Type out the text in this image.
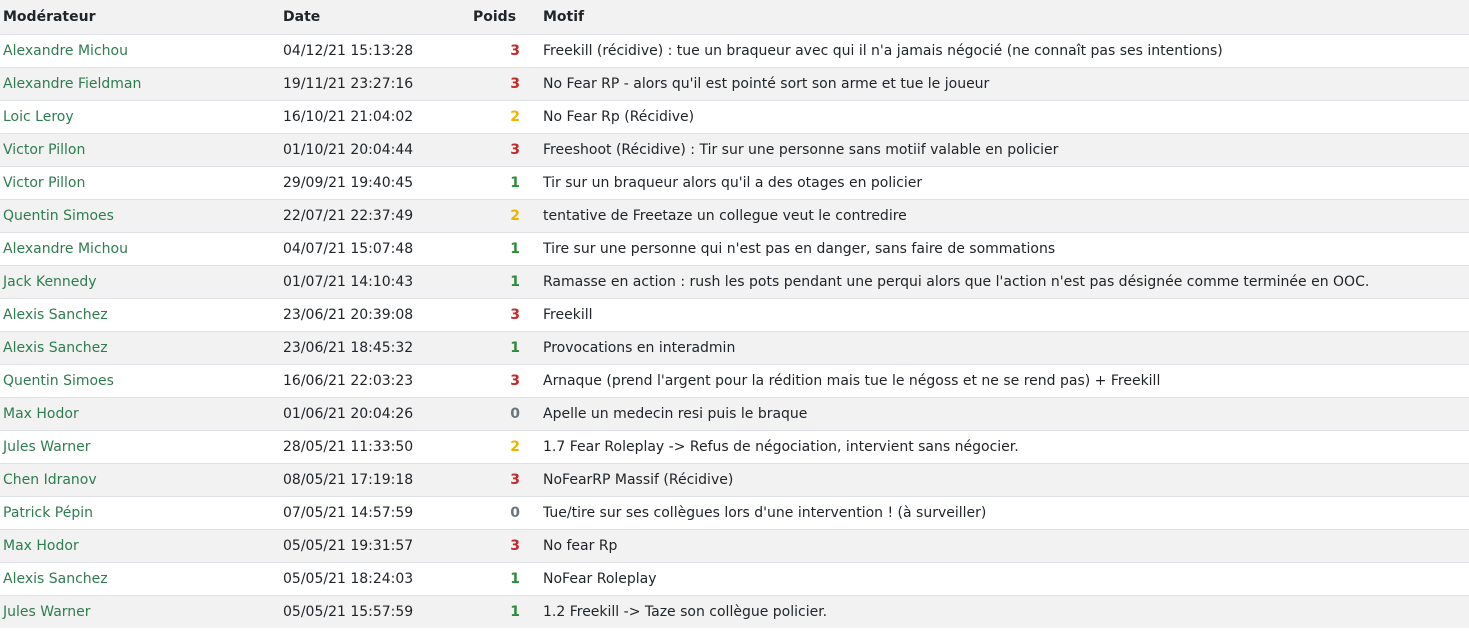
Modérateur	Date	Poids	Motif
Alexandre Michou	04/12/21 15:13:28	3	Freekill (récidive) : tue un braqueur avec qui il n'a jamais négocié (ne connaît pas ses intentions)
Alexandre Fieldman	19/11/21 23:27:16	3	No Fear RP - alors qu'il est pointé sort son arme et tue le joueur
Loic Leroy	16/10/21 21:04:02	2	No Fear Rp (Récidive)
Victor Pillon	01/10/21 20:04:44	3	Freeshoot (Récidive) : Tir sur une personne sans motiif valable en policier
Victor Pillon	29/09/21 19:40:45	1	Tir sur un braqueur alors qu'il a des otages en policier
Quentin Simoes	22/07/21 22:37:49	2	tentative de Freetaze un collegue veut le contredire
Alexandre Michou	04/07/21 15:07:48	1	Tire sur une personne qui n'est pas en danger, sans faire de sommations
Jack Kennedy	01/07/21 14:10:43	1	Ramasse en action : rush les pots pendant une perqui alors que l'action n'est pas désignée comme terminée en OOC.
Alexis Sanchez	23/06/21 20:39:08	3	Freekill
Alexis Sanchez	23/06/21 18:45:32	1	Provocations en interadmin
Quentin Simoes	16/06/21 22:03:23	3	Arnaque (prend l'argent pour la rédition mais tue le négoss et ne se rend pas) + Freekill
Max Hodor	01/06/21 20:04:26	0	Apelle un medecin resi puis le braque
Jules Warner	28/05/21 11:33:50	2	1.7 Fear Roleplay -> Refus de négociation, intervient sans négocier.
Chen Idranov	08/05/21 17:19:18	3	NoFearRP Massif (Récidive)
Patrick Pépin	07/05/21 14:57:59	0	Tue/tire sur ses collègues lors d'une intervention ! (à surveiller)
Max Hodor	05/05/21 19:31:57	3	No fear Rp
Alexis Sanchez	05/05/21 18:24:03	1	NoFear Roleplay
Jules Warner	05/05/21 15:57:59	1	1.2 Freekill -> Taze son collègue policier.
